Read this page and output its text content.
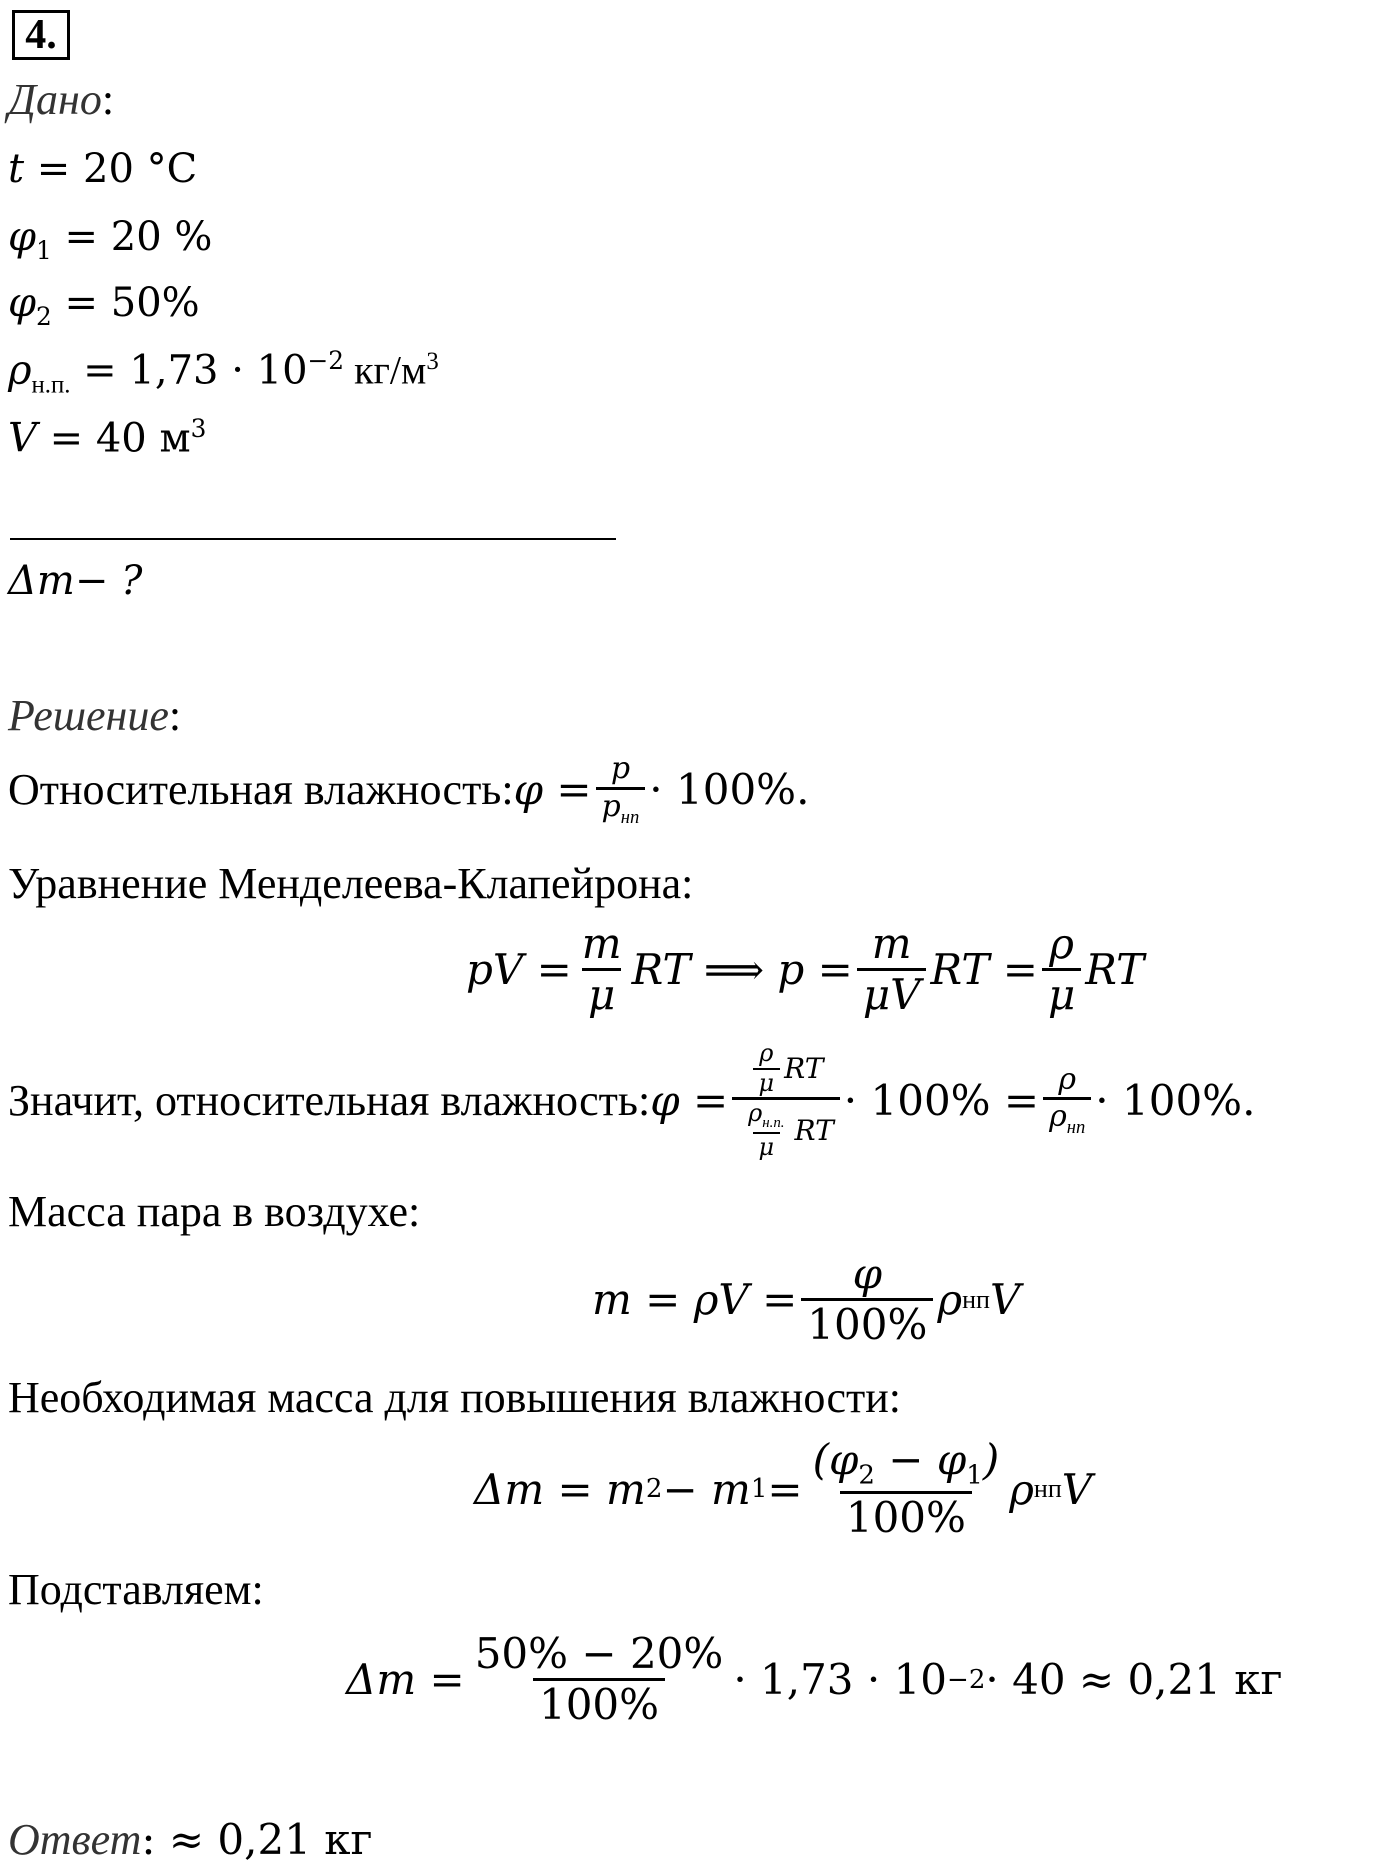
4.
Дано:
t = 20 °C
$\varphi_1 = 20$ %
$\varphi_2 = 50\%$
$\rho_{н.п.} = 1,73 \cdot 10^{-2}$ $кг/м^3$
V = 40 $м^3$
Δm− ?
Решение:
Относительная влажность: $\varphi = \frac{p}{p_{нп}} \cdot 100\%$.
Уравнение Менделеева-Клапейрона:
pV = $\frac{m}{\mu}$ RT ⟹ $p = \frac{m}{\mu V}$ RT = $\frac{\rho}{\mu}$ RT
Значит, относительная влажность: $\varphi = \frac{\frac{\rho}{\mu} RT}{\frac{\rho_{н.п.}}{\mu} RT} \cdot 100\% = \frac{\rho}{\rho_{нп}} \cdot 100\%$.
Масса пара в воздухе:
$m = \rho V = \frac{\varphi}{100\%}$ ρ нп V
Необходимая масса для повышения влажности:
Δm = m 2 − m $1 = \frac{(\varphi_2 - \varphi_1)}{100\%}$ ρ нп V
Подставляем:
$\Delta m = \frac{50\% - 20\%}{100\%} \cdot 1,73 \cdot 10 -2 \cdot 40 \approx 0,21$ кг
Ответ: ≈ 0,21 кг
